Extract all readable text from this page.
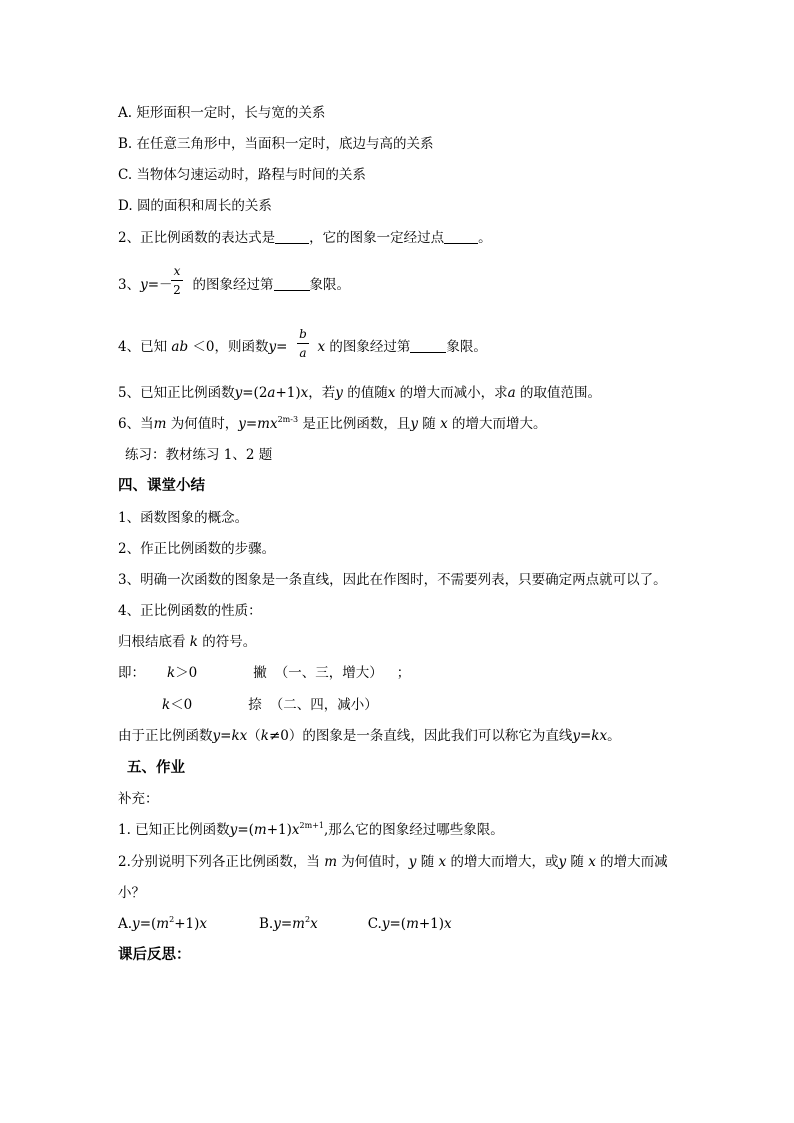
A. 矩形面积一定时，长与宽的关系
B. 在任意三角形中，当面积一定时，底边与高的关系
C. 当物体匀速运动时，路程与时间的关系
D. 圆的面积和周长的关系
2、正比例函数的表达式是	，它的图象一定经过点	。
3、y=－ 的图象经过第	象限。
x
2
4、已知 ab ＜0，则函数y= x 的图象经过第	象限。
b
a
5、已知正比例函数y=(2a+1)x，若y 的值随x 的增大而减小，求a 的取值范围。
6、当m 为何值时，$y=mx^{2m-3}$ 是正比例函数，且y 随 x 的增大而增大。
练习：教材练习 1、2 题
四、课堂小结
1、函数图象的概念。
2、作正比例函数的步骤。
3、明确一次函数的图象是一条直线，因此在作图时，不需要列表，只要确定两点就可以了。
4、正比例函数的性质：
归根结底看 k 的符号。
即： k＞0	撇 （一、三，增大） ；
k＜0	捺 （二、四，减小）
由于正比例函数y=kx（k≠0）的图象是一条直线，因此我们可以称它为直线y=kx。
五、作业
补充：
1. 已知正比例函数$y=(m+1)x^{2m+1}$,那么它的图象经过哪些象限。
2.分别说明下列各正比例函数，当 m 为何值时，y 随 x 的增大而增大，或y 随 x 的增大而减
小？
$A.y=(m^2+1)x$	$B.y=m^2x$	C.y=(m+1)x
课后反思：
